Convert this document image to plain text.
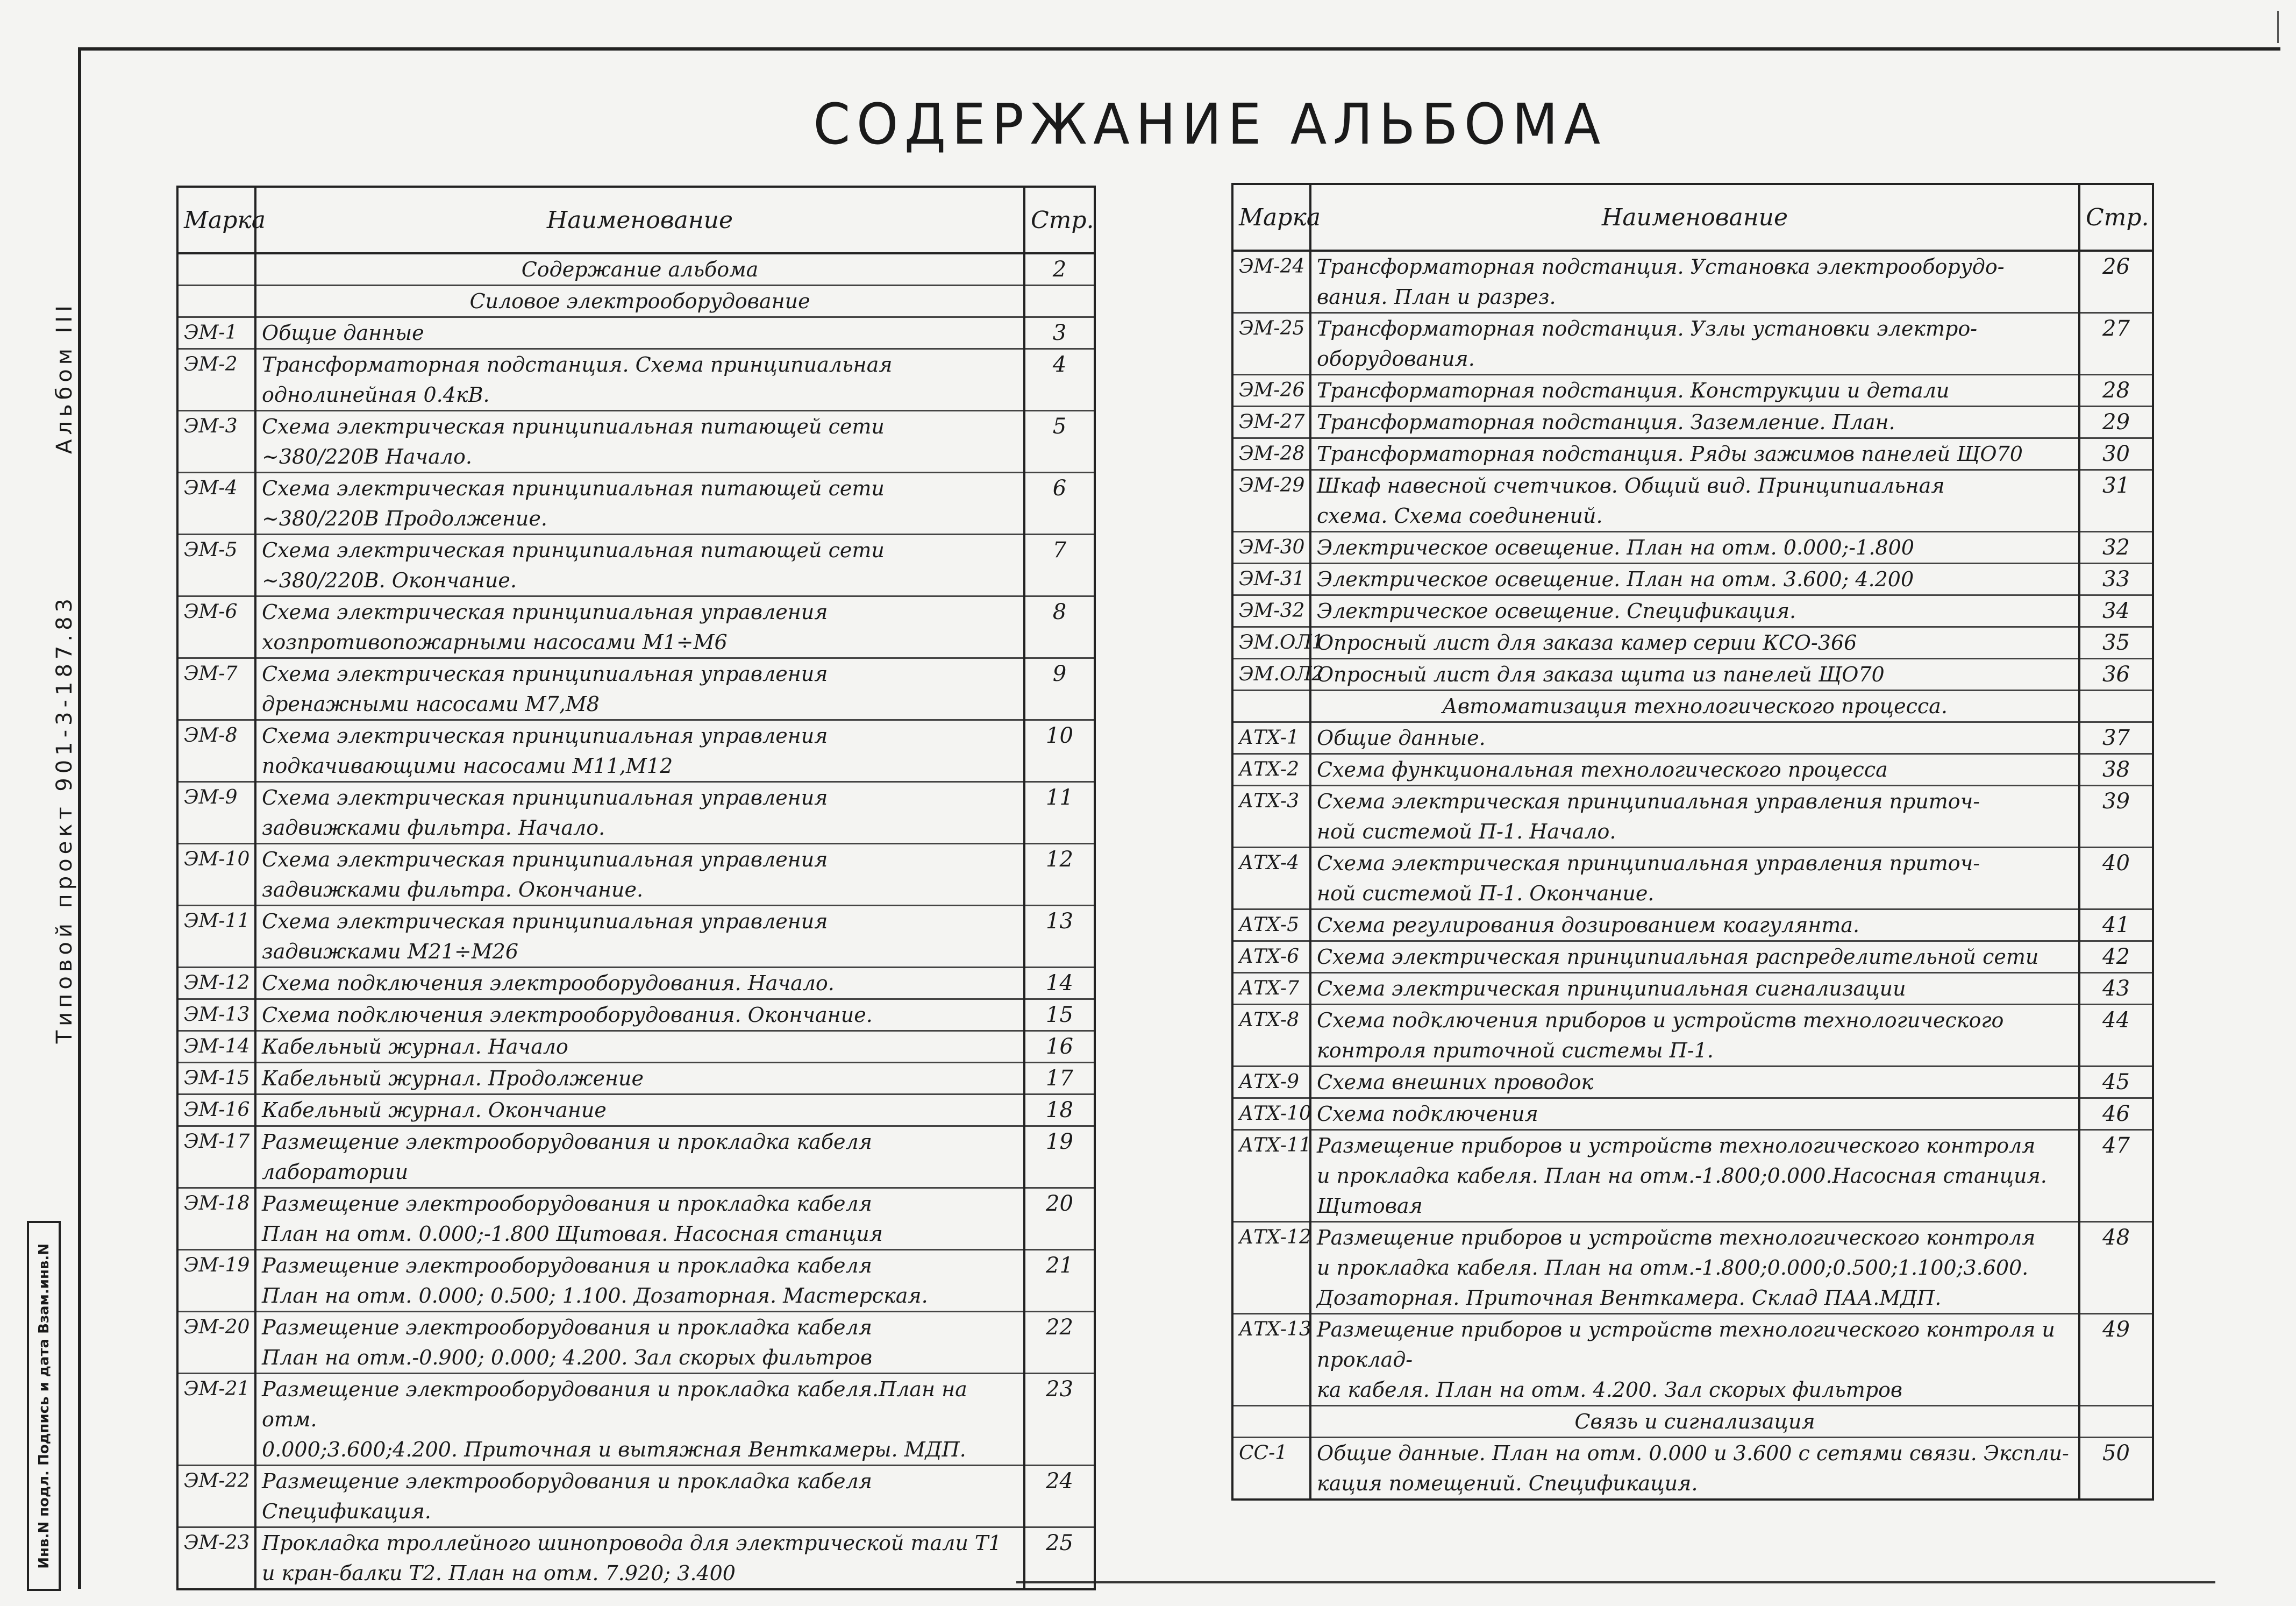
СОДЕРЖАНИЕ АЛЬБОМА
Альбом III
Типовой проект 901-3-187.83
Инв.N подл. Подпись и дата Взам.инв.N
Марка	Наименование	Стр.
	Содержание альбома	2
	Силовое электрооборудование	
ЭМ-1	Общие данные	3
ЭМ-2	Трансформаторная подстанция. Схема принципиальная
однолинейная 0.4кВ.	4
ЭМ-3	Схема электрическая принципиальная питающей сети
~380/220В Начало.	5
ЭМ-4	Схема электрическая принципиальная питающей сети
~380/220В Продолжение.	6
ЭМ-5	Схема электрическая принципиальная питающей сети
~380/220В. Окончание.	7
ЭМ-6	Схема электрическая принципиальная управления
хозпротивопожарными насосами М1÷М6	8
ЭМ-7	Схема электрическая принципиальная управления
дренажными насосами М7,М8	9
ЭМ-8	Схема электрическая принципиальная управления
подкачивающими насосами М11,М12	10
ЭМ-9	Схема электрическая принципиальная управления
задвижками фильтра. Начало.	11
ЭМ-10	Схема электрическая принципиальная управления
задвижками фильтра. Окончание.	12
ЭМ-11	Схема электрическая принципиальная управления
задвижками М21÷М26	13
ЭМ-12	Схема подключения электрооборудования. Начало.	14
ЭМ-13	Схема подключения электрооборудования. Окончание.	15
ЭМ-14	Кабельный журнал. Начало	16
ЭМ-15	Кабельный журнал. Продолжение	17
ЭМ-16	Кабельный журнал. Окончание	18
ЭМ-17	Размещение электрооборудования и прокладка кабеля лаборатории	19
ЭМ-18	Размещение электрооборудования и прокладка кабеля
План на отм. 0.000;-1.800 Щитовая. Насосная станция	20
ЭМ-19	Размещение электрооборудования и прокладка кабеля
План на отм. 0.000; 0.500; 1.100. Дозаторная. Мастерская.	21
ЭМ-20	Размещение электрооборудования и прокладка кабеля
План на отм.-0.900; 0.000; 4.200. Зал скорых фильтров	22
ЭМ-21	Размещение электрооборудования и прокладка кабеля.План на отм.
0.000;3.600;4.200. Приточная и вытяжная Венткамеры. МДП.	23
ЭМ-22	Размещение электрооборудования и прокладка кабеля
Спецификация.	24
ЭМ-23	Прокладка троллейного шинопровода для электрической тали Т1
и кран-балки Т2. План на отм. 7.920; 3.400	25
Марка	Наименование	Стр.
ЭМ-24	Трансформаторная подстанция. Установка электрооборудо-
вания. План и разрез.	26
ЭМ-25	Трансформаторная подстанция. Узлы установки электро-
оборудования.	27
ЭМ-26	Трансформаторная подстанция. Конструкции и детали	28
ЭМ-27	Трансформаторная подстанция. Заземление. План.	29
ЭМ-28	Трансформаторная подстанция. Ряды зажимов панелей ЩО70	30
ЭМ-29	Шкаф навесной счетчиков. Общий вид. Принципиальная
схема. Схема соединений.	31
ЭМ-30	Электрическое освещение. План на отм. 0.000;-1.800	32
ЭМ-31	Электрическое освещение. План на отм. 3.600; 4.200	33
ЭМ-32	Электрическое освещение. Спецификация.	34
ЭМ.ОЛ1	Опросный лист для заказа камер серии КСО-366	35
ЭМ.ОЛ2	Опросный лист для заказа щита из панелей ЩО70	36
	Автоматизация технологического процесса.	
АТХ-1	Общие данные.	37
АТХ-2	Схема функциональная технологического процесса	38
АТХ-3	Схема электрическая принципиальная управления приточ-
ной системой П-1. Начало.	39
АТХ-4	Схема электрическая принципиальная управления приточ-
ной системой П-1. Окончание.	40
АТХ-5	Схема регулирования дозированием коагулянта.	41
АТХ-6	Схема электрическая принципиальная распределительной сети	42
АТХ-7	Схема электрическая принципиальная сигнализации	43
АТХ-8	Схема подключения приборов и устройств технологического
контроля приточной системы П-1.	44
АТХ-9	Схема внешних проводок	45
АТХ-10	Схема подключения	46
АТХ-11	Размещение приборов и устройств технологического контроля
и прокладка кабеля. План на отм.-1.800;0.000.Насосная станция. Щитовая	47
АТХ-12	Размещение приборов и устройств технологического контроля
и прокладка кабеля. План на отм.-1.800;0.000;0.500;1.100;3.600.
Дозаторная. Приточная Венткамера. Склад ПАА.МДП.	48
АТХ-13	Размещение приборов и устройств технологического контроля и проклад-
ка кабеля. План на отм. 4.200. Зал скорых фильтров	49
	Связь и сигнализация	
СС-1	Общие данные. План на отм. 0.000 и 3.600 с сетями связи. Экспли-
кация помещений. Спецификация.	50
